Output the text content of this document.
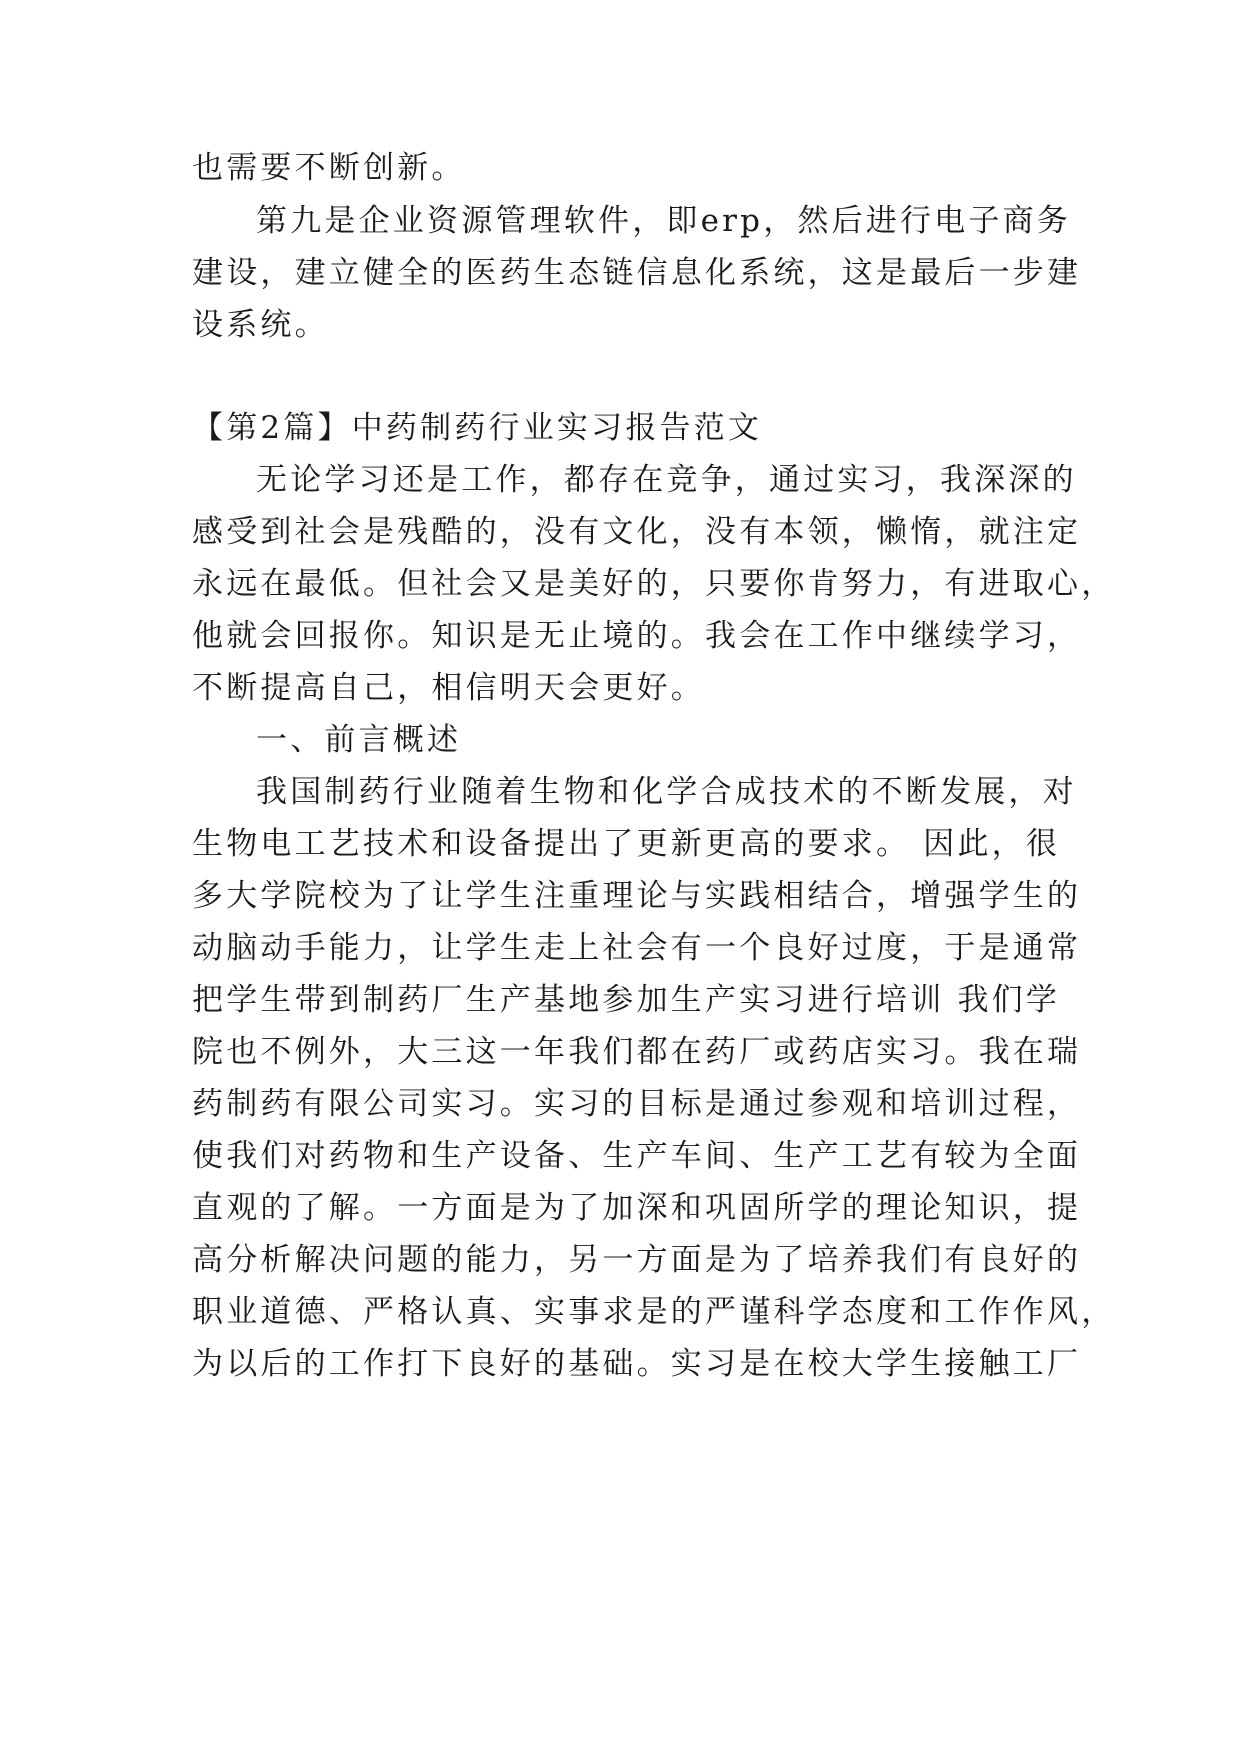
也需要不断创新。
第九是企业资源管理软件，即erp，然后进行电子商务
建设，建立健全的医药生态链信息化系统，这是最后一步建
设系统。
【第2篇】中药制药行业实习报告范文
无论学习还是工作，都存在竞争，通过实习，我深深的
感受到社会是残酷的，没有文化，没有本领，懒惰，就注定
永远在最低。但社会又是美好的，只要你肯努力，有进取心，
他就会回报你。知识是无止境的。我会在工作中继续学习，
不断提高自己，相信明天会更好。
一、前言概述
我国制药行业随着生物和化学合成技术的不断发展，对
生物电工艺技术和设备提出了更新更高的要求。 因此，很
多大学院校为了让学生注重理论与实践相结合，增强学生的
动脑动手能力，让学生走上社会有一个良好过度，于是通常
把学生带到制药厂生产基地参加生产实习进行培训 我们学
院也不例外，大三这一年我们都在药厂或药店实习。我在瑞
药制药有限公司实习。实习的目标是通过参观和培训过程，
使我们对药物和生产设备、生产车间、生产工艺有较为全面
直观的了解。一方面是为了加深和巩固所学的理论知识，提
高分析解决问题的能力，另一方面是为了培养我们有良好的
职业道德、严格认真、实事求是的严谨科学态度和工作作风，
为以后的工作打下良好的基础。实习是在校大学生接触工厂
